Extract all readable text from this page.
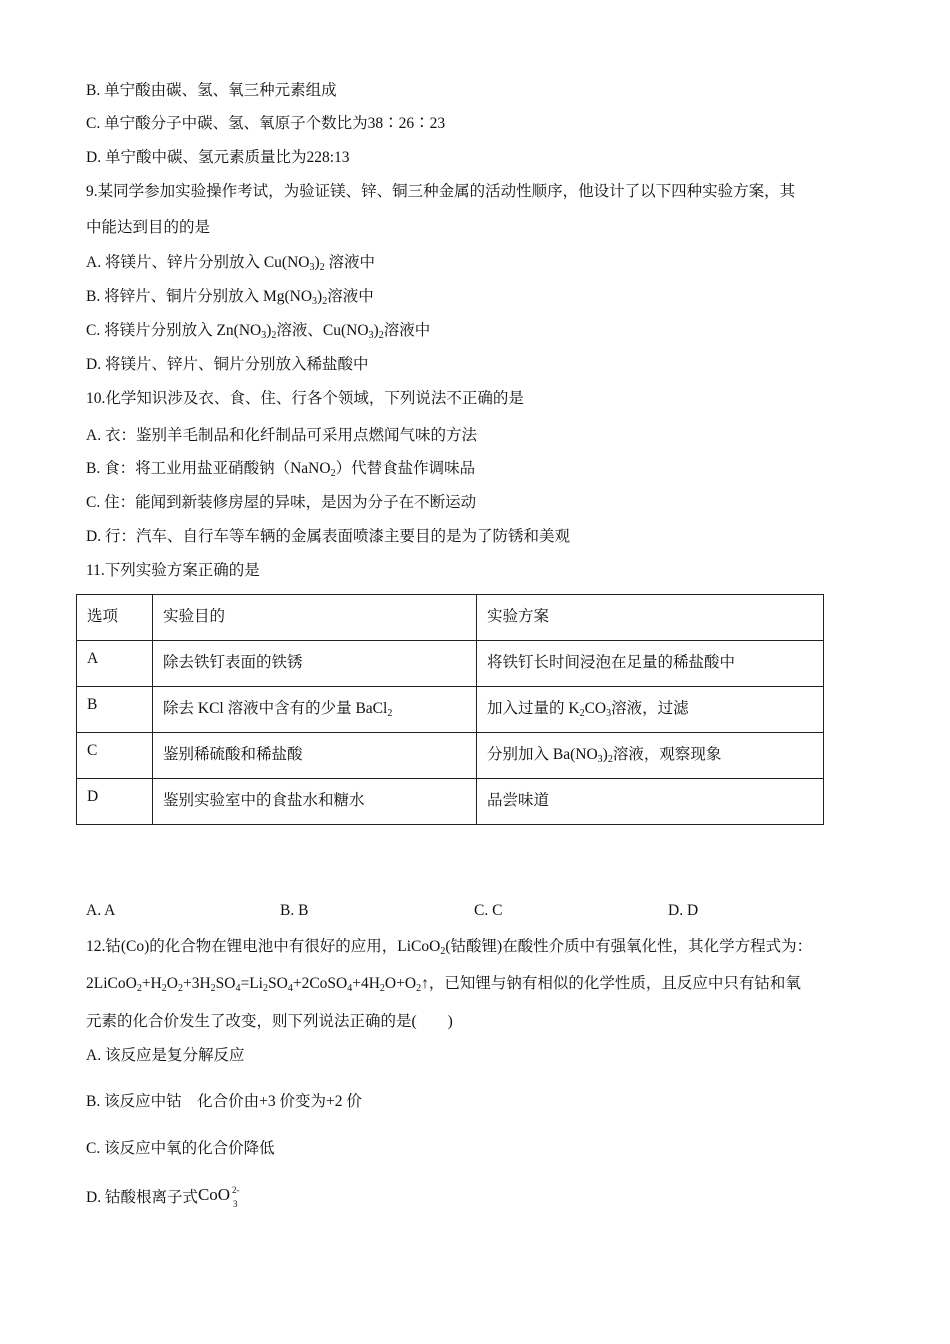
B. 单宁酸由碳、氢、氧三种元素组成
C. 单宁酸分子中碳、氢、氧原子个数比为38∶26∶23
D. 单宁酸中碳、氢元素质量比为228:13
9.某同学参加实验操作考试，为验证镁、锌、铜三种金属的活动性顺序，他设计了以下四种实验方案，其
中能达到目的的是
A. 将镁片、锌片分别放入 $Cu(NO_3)_2$ 溶液中
B. 将锌片、铜片分别放入 $Mg(NO_3)_2$溶液中
C. 将镁片分别放入 $Zn(NO_3)_2$溶液、$Cu(NO_3)_2$溶液中
D. 将镁片、锌片、铜片分别放入稀盐酸中
10.化学知识涉及衣、食、住、行各个领域，下列说法不正确的是
A. 衣：鉴别羊毛制品和化纤制品可采用点燃闻气味的方法
B. 食：将工业用盐亚硝酸钠（NaNO$_2$）代替食盐作调味品
C. 住：能闻到新装修房屋的异味，是因为分子在不断运动
D. 行：汽车、自行车等车辆的金属表面喷漆主要目的是为了防锈和美观
11.下列实验方案正确的是
选项	实验目的	实验方案
A	除去铁钉表面的铁锈	将铁钉长时间浸泡在足量的稀盐酸中
B	除去 KCl 溶液中含有的少量 BaCl$_2$	加入过量的 $K_2CO_3$溶液，过滤
C	鉴别稀硫酸和稀盐酸	分别加入 $Ba(NO_3)_2$溶液，观察现象
D	鉴别实验室中的食盐水和糖水	品尝味道
A. A	B. B	C. C	D. D
12.钴(Co)的化合物在锂电池中有很好的应用，LiCoO$_2$(钴酸锂)在酸性介质中有强氧化性，其化学方程式为：
$2LiCoO_2+H_2O_2+3H_2SO_4=Li_2SO_4+2CoSO_4+4H_2O+O_2↑$，已知锂与钠有相似的化学性质，且反应中只有钴和氧
元素的化合价发生了改变，则下列说法正确的是(　　)
A. 该反应是复分解反应
B. 该反应中钴　化合价由+3 价变为+2 价
C. 该反应中氧的化合价降低
D. 钴酸根离子式CoO 2-
3
